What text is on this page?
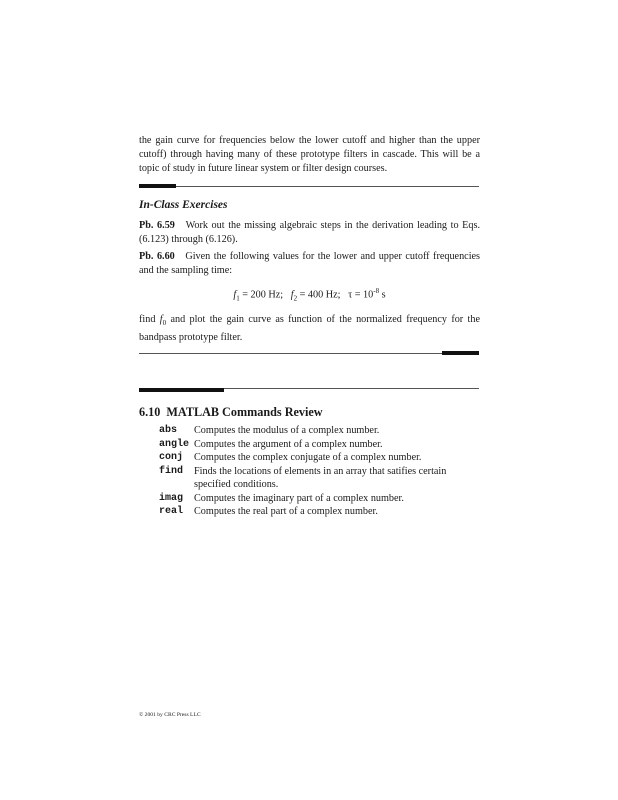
the gain curve for frequencies below the lower cutoff and higher than the upper cutoff) through having many of these prototype filters in cascade. This will be a topic of study in future linear system or filter design courses.

In-Class Exercises

Pb. 6.59 Work out the missing algebraic steps in the derivation leading to Eqs. (6.123) through (6.126).

Pb. 6.60 Given the following values for the lower and upper cutoff frequencies and the sampling time:

$f_1 = 200$ Hz; $f_2 = 400$ Hz; $\tau = 10^{-8}$ s

find $f_0$ and plot the gain curve as function of the normalized frequency for the bandpass prototype filter.

6.10  MATLAB Commands Review

abs	Computes the modulus of a complex number.
angle Computes the argument of a complex number.
conj	Computes the complex conjugate of a complex number.
find	Finds the locations of elements in an array that satifies certain specified conditions.
imag	Computes the imaginary part of a complex number.
real	Computes the real part of a complex number.
© 2001 by CRC Press LLC
